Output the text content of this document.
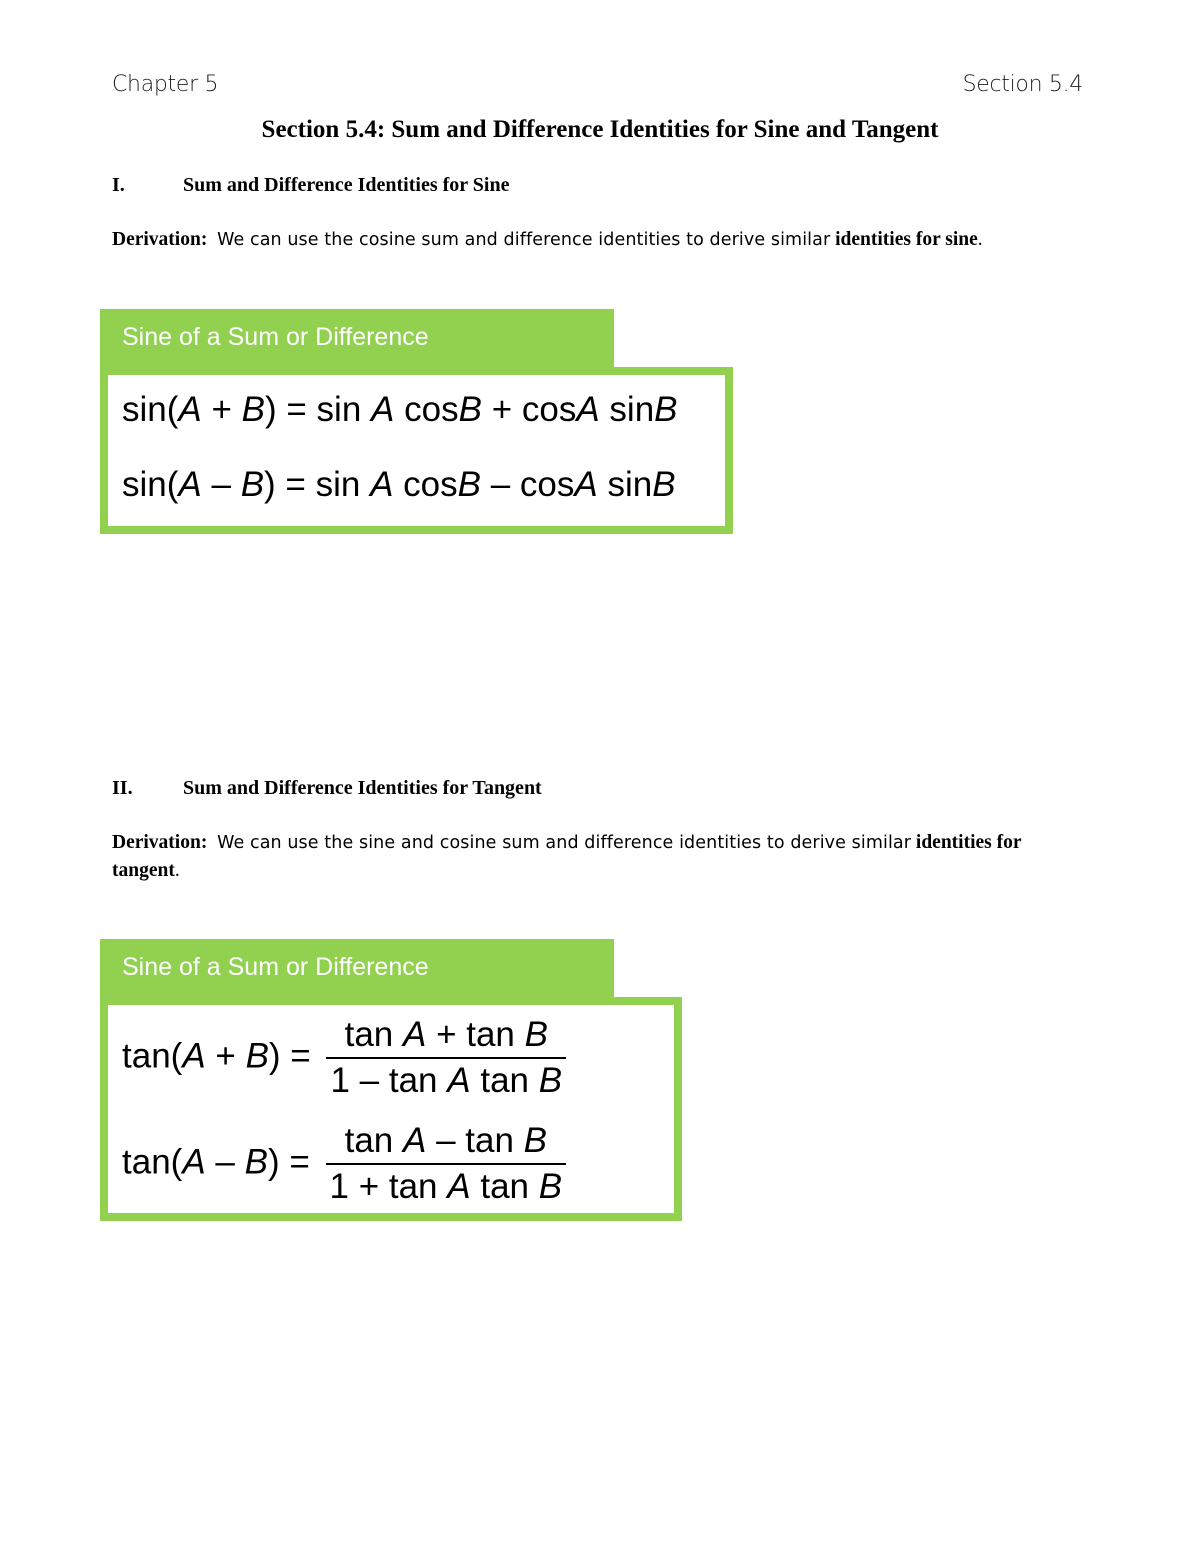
Chapter 5	Section 5.4
Section 5.4: Sum and Difference Identities for Sine and Tangent
I.	Sum and Difference Identities for Sine
Derivation: We can use the cosine sum and difference identities to derive similar identities for sine.
Sine of a Sum or Difference
sin(A + B) = sin A cosB + cosA sinB
sin(A – B) = sin A cosB – cosA sinB
II.	Sum and Difference Identities for Tangent
Derivation: We can use the sine and cosine sum and difference identities to derive similar identities for tangent.
Sine of a Sum or Difference
$\tan(A + B) = \frac{\text{tan A + tan B}}{\text{1 – tan A tan B}}$
$\tan(A - B) = \frac{\text{tan A – tan B}}{\text{1 + tan A tan B}}$
